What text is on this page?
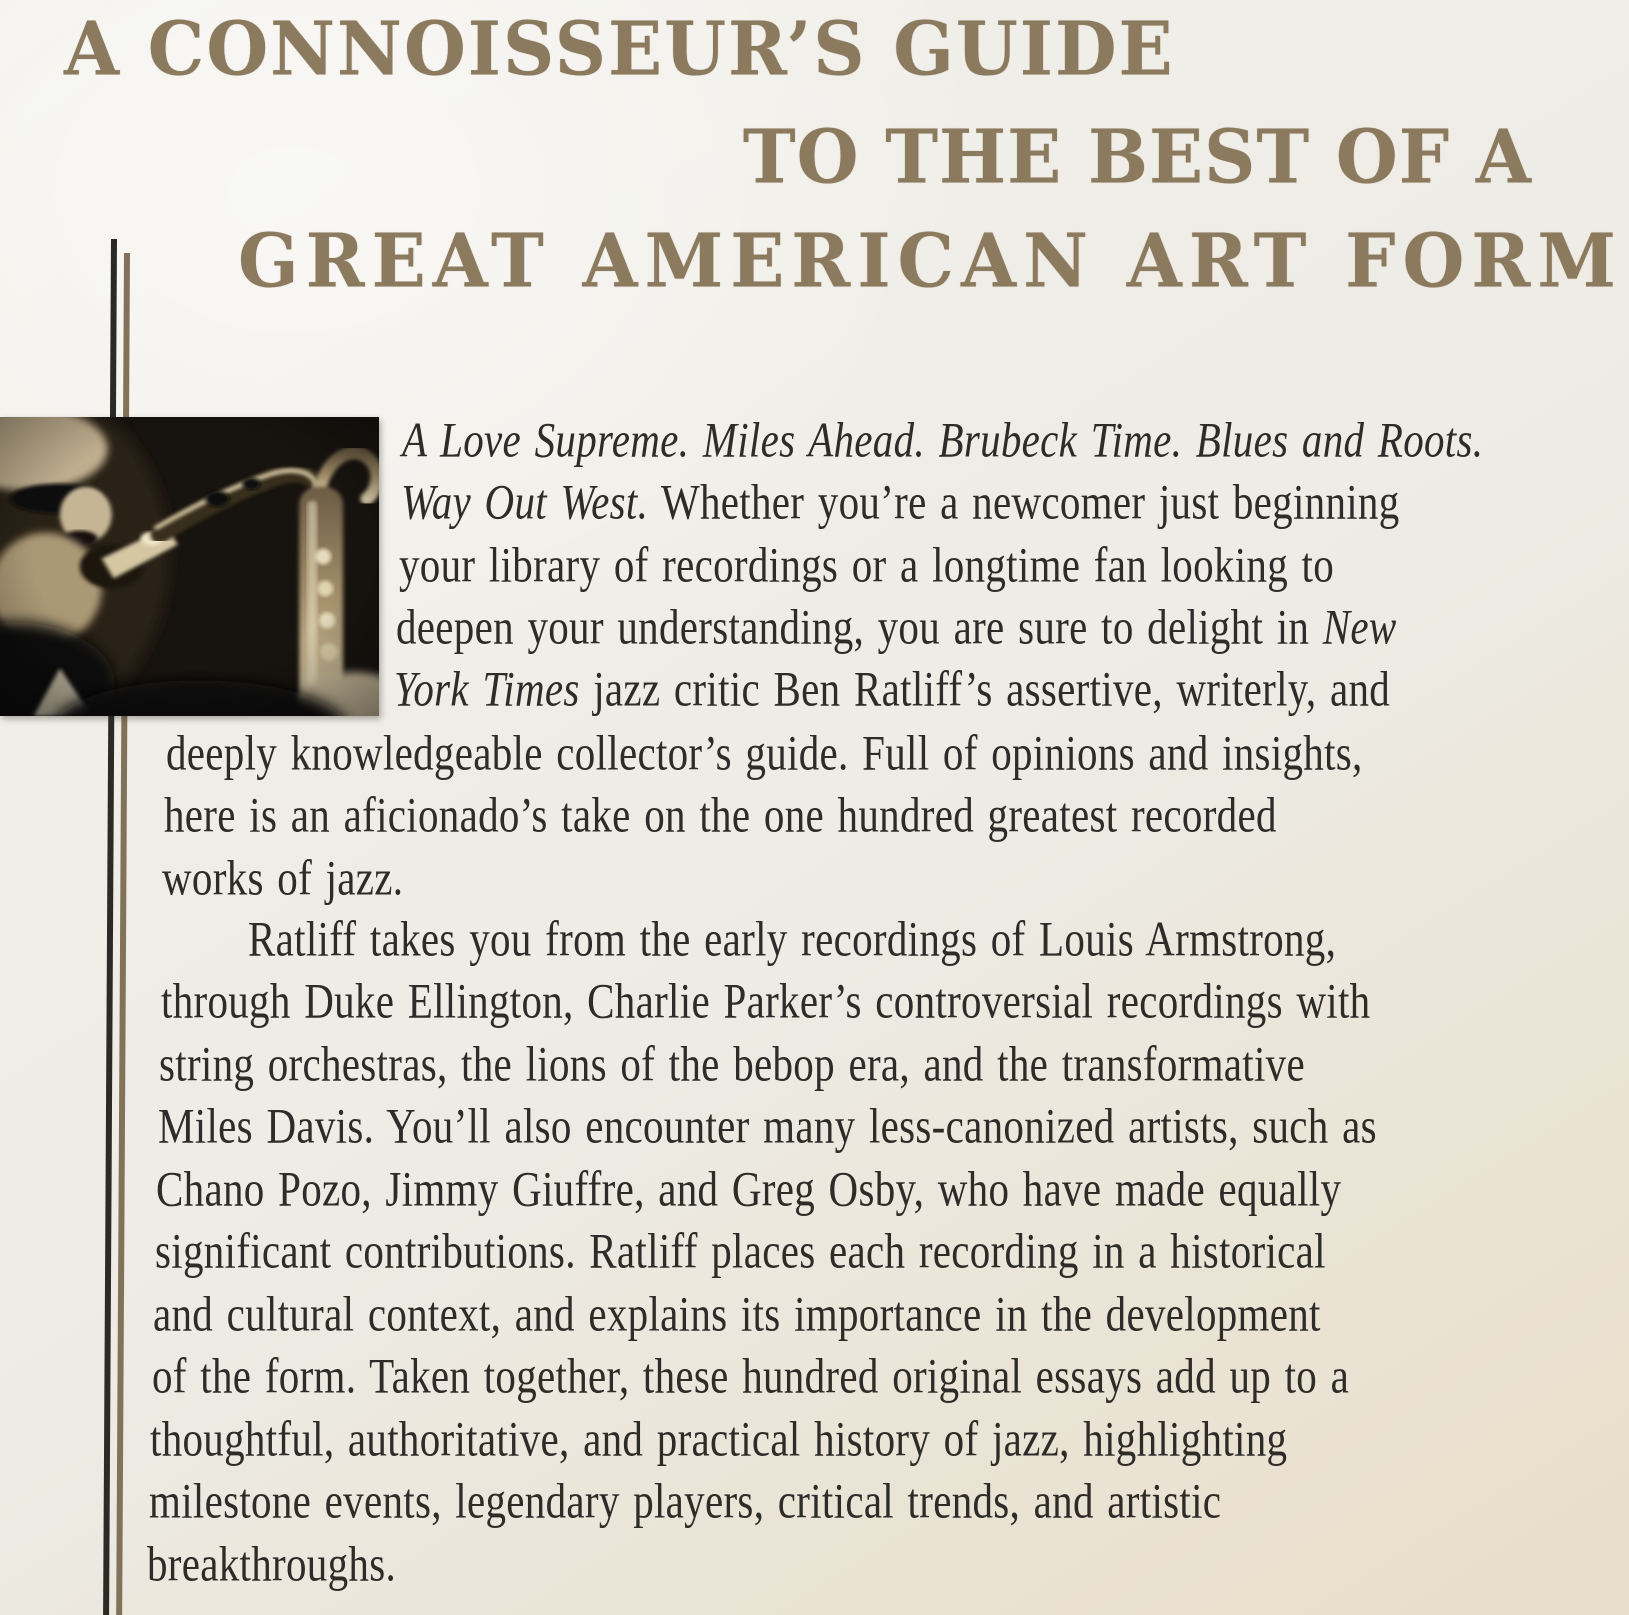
A CONNOISSEUR’S GUIDE
TO THE BEST OF A
GREAT AMERICAN ART FORM
A Love Supreme. Miles Ahead. Brubeck Time. Blues and Roots.
Way Out West. Whether you’re a newcomer just beginning
your library of recordings or a longtime fan looking to
deepen your understanding, you are sure to delight in New
York Times jazz critic Ben Ratliff’s assertive, writerly, and
deeply knowledgeable collector’s guide. Full of opinions and insights,
here is an aficionado’s take on the one hundred greatest recorded
works of jazz.
Ratliff takes you from the early recordings of Louis Armstrong,
through Duke Ellington, Charlie Parker’s controversial recordings with
string orchestras, the lions of the bebop era, and the transformative
Miles Davis. You’ll also encounter many less-canonized artists, such as
Chano Pozo, Jimmy Giuffre, and Greg Osby, who have made equally
significant contributions. Ratliff places each recording in a historical
and cultural context, and explains its importance in the development
of the form. Taken together, these hundred original essays add up to a
thoughtful, authoritative, and practical history of jazz, highlighting
milestone events, legendary players, critical trends, and artistic
breakthroughs.
